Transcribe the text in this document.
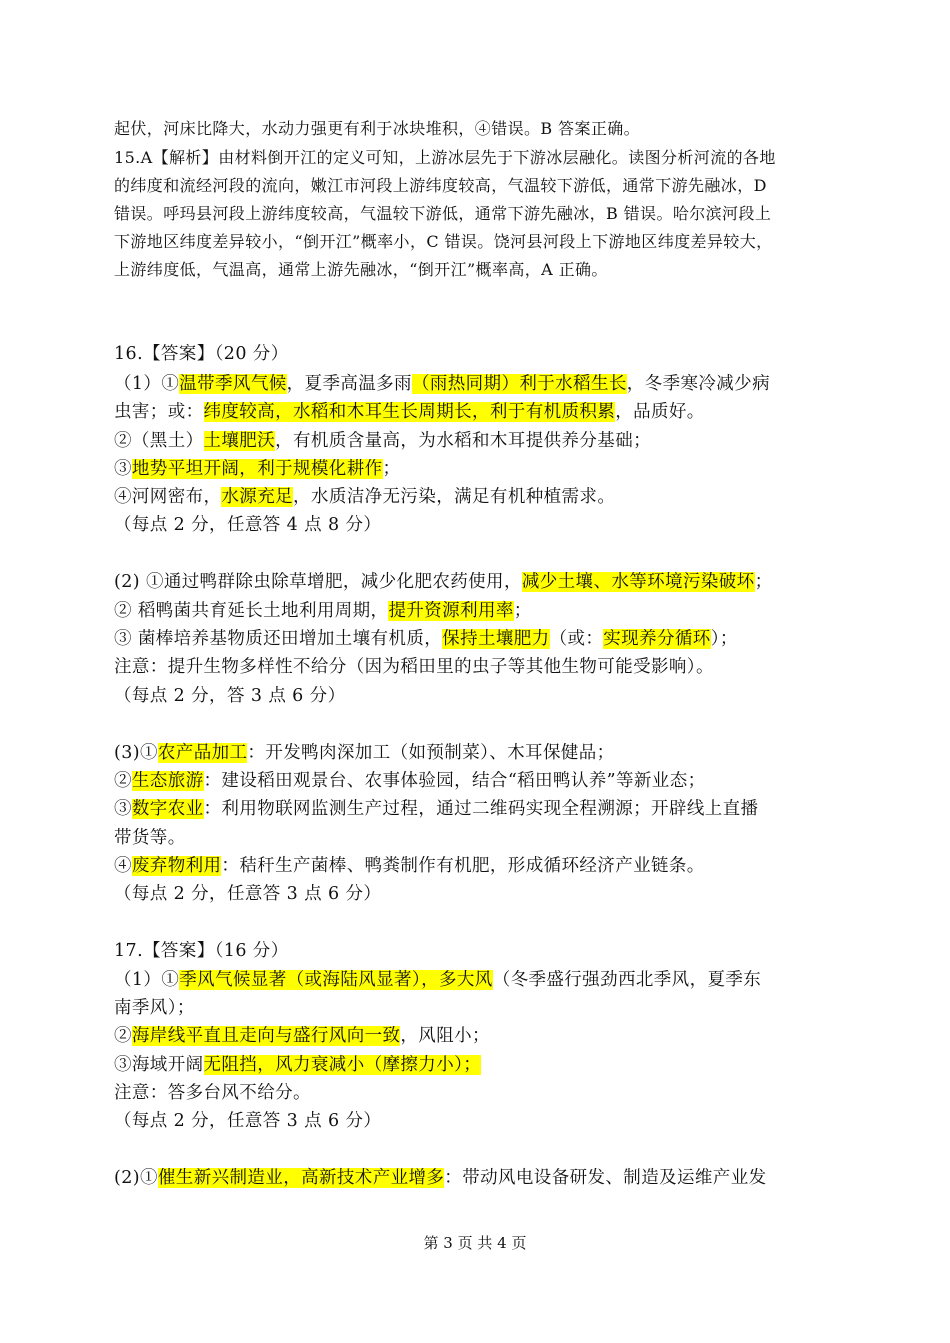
起伏，河床比降大，水动力强更有利于冰块堆积，④错误。B 答案正确。
15.A【解析】由材料倒开江的定义可知，上游冰层先于下游冰层融化。读图分析河流的各地
的纬度和流经河段的流向，嫩江市河段上游纬度较高，气温较下游低，通常下游先融冰，D
错误。呼玛县河段上游纬度较高，气温较下游低，通常下游先融冰，B 错误。哈尔滨河段上
下游地区纬度差异较小，“倒开江”概率小，C 错误。饶河县河段上下游地区纬度差异较大，
上游纬度低，气温高，通常上游先融冰，“倒开江”概率高，A 正确。
16.【答案】（20 分）
（1）①温带季风气候，夏季高温多雨（雨热同期）利于水稻生长，冬季寒冷减少病
虫害；或：纬度较高，水稻和木耳生长周期长，利于有机质积累，品质好。
②（黑土）土壤肥沃，有机质含量高，为水稻和木耳提供养分基础；
③地势平坦开阔，利于规模化耕作；
④河网密布，水源充足，水质洁净无污染，满足有机种植需求。
（每点 2 分，任意答 4 点 8 分）
(2) ①通过鸭群除虫除草增肥，减少化肥农药使用，减少土壤、水等环境污染破坏；
② 稻鸭菌共育延长土地利用周期，提升资源利用率；
③ 菌棒培养基物质还田增加土壤有机质，保持土壤肥力（或：实现养分循环）；
注意：提升生物多样性不给分（因为稻田里的虫子等其他生物可能受影响）。
（每点 2 分，答 3 点 6 分）
(3)①农产品加工：开发鸭肉深加工（如预制菜）、木耳保健品；
②生态旅游：建设稻田观景台、农事体验园，结合“稻田鸭认养”等新业态；
③数字农业：利用物联网监测生产过程，通过二维码实现全程溯源；开辟线上直播
带货等。
④废弃物利用：秸秆生产菌棒、鸭粪制作有机肥，形成循环经济产业链条。
（每点 2 分，任意答 3 点 6 分）
17.【答案】（16 分）
（1）①季风气候显著（或海陆风显著），多大风（冬季盛行强劲西北季风，夏季东
南季风）；
②海岸线平直且走向与盛行风向一致，风阻小；
③海域开阔无阻挡，风力衰减小（摩擦力小）；
注意：答多台风不给分。
（每点 2 分，任意答 3 点 6 分）
(2)①催生新兴制造业，高新技术产业增多：带动风电设备研发、制造及运维产业发
第 3 页 共 4 页
